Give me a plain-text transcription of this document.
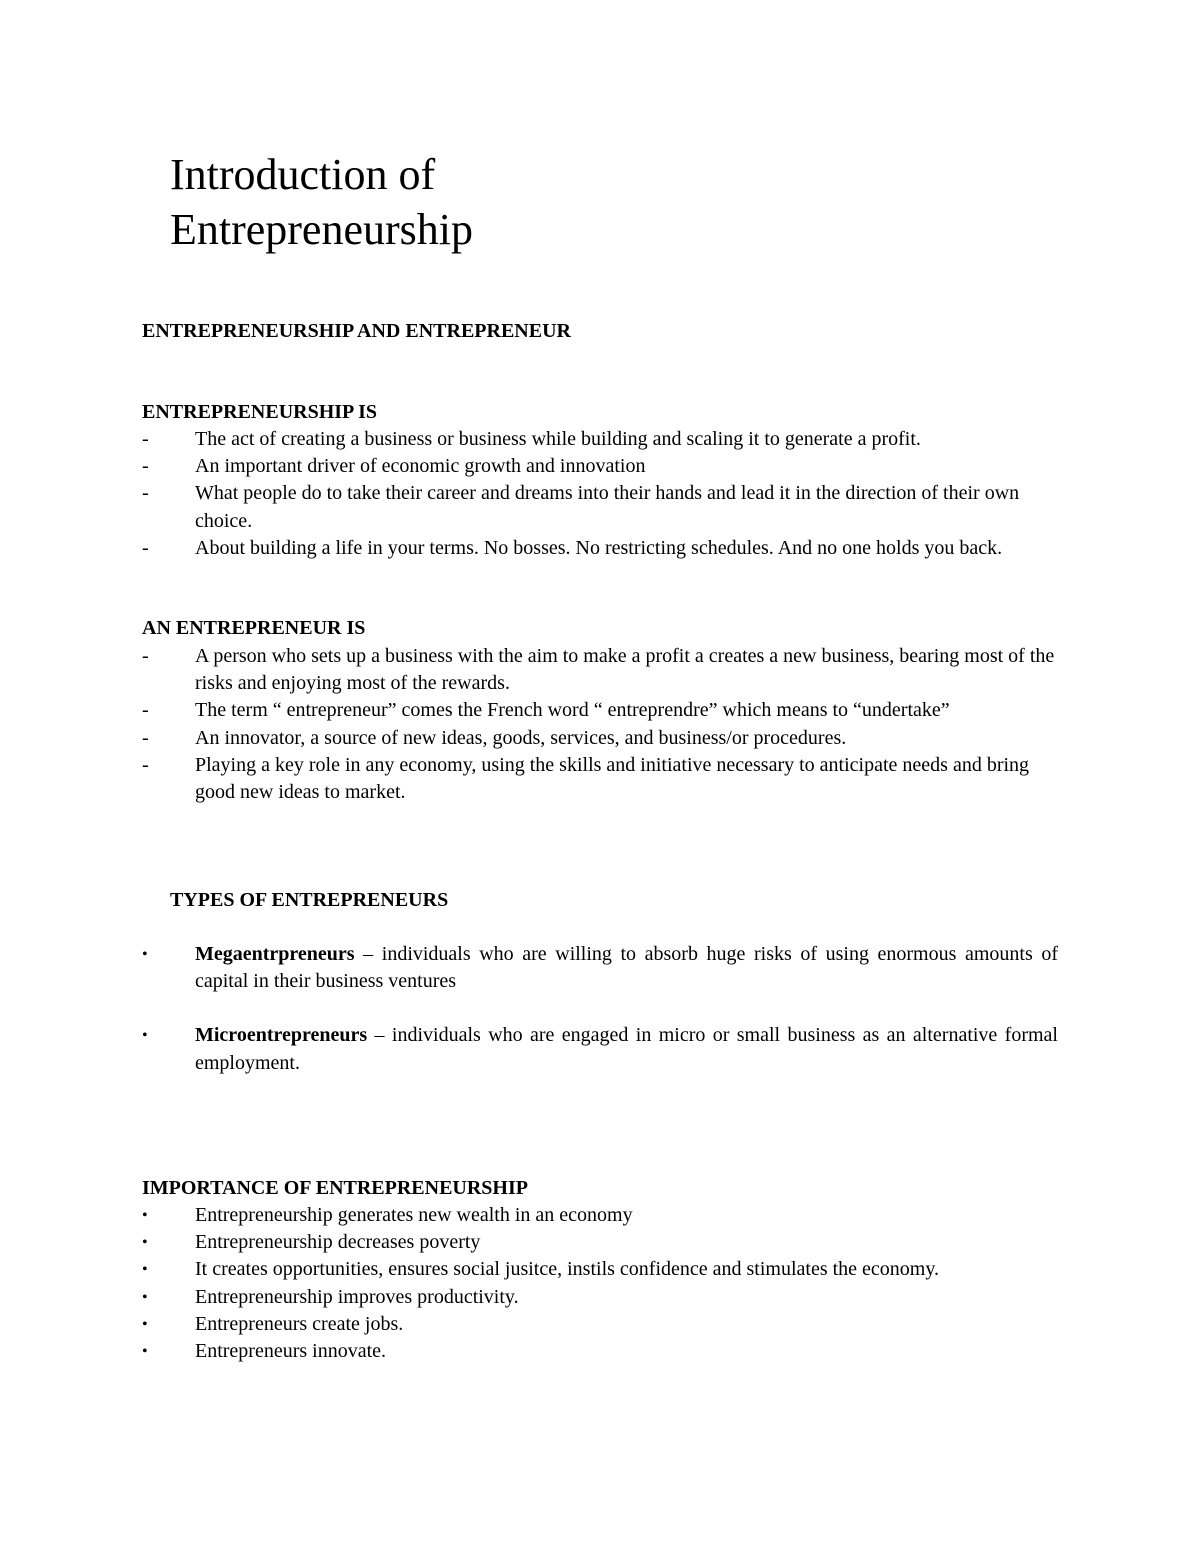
Introduction of
Entrepreneurship
ENTREPRENEURSHIP AND ENTREPRENEUR
ENTREPRENEURSHIP IS
- The act of creating a business or business while building and scaling it to generate a profit.
- An important driver of economic growth and innovation
- What people do to take their career and dreams into their hands and lead it in the direction of their own choice.
- About building a life in your terms. No bosses. No restricting schedules. And no one holds you back.
AN ENTREPRENEUR IS
- A person who sets up a business with the aim to make a profit a creates a new business, bearing most of the risks and enjoying most of the rewards.
- The term “ entrepreneur” comes the French word “ entreprendre” which means to “undertake”
- An innovator, a source of new ideas, goods, services, and business/or procedures.
- Playing a key role in any economy, using the skills and initiative necessary to anticipate needs and bring good new ideas to market.
TYPES OF ENTREPRENEURS
• Megaentrpreneurs – individuals who are willing to absorb huge risks of using enormous amounts of capital in their business ventures
• Microentrepreneurs – individuals who are engaged in micro or small business as an alternative formal employment.
IMPORTANCE OF ENTREPRENEURSHIP
• Entrepreneurship generates new wealth in an economy
• Entrepreneurship decreases poverty
• It creates opportunities, ensures social jusitce, instils confidence and stimulates the economy.
• Entrepreneurship improves productivity.
• Entrepreneurs create jobs.
• Entrepreneurs innovate.
